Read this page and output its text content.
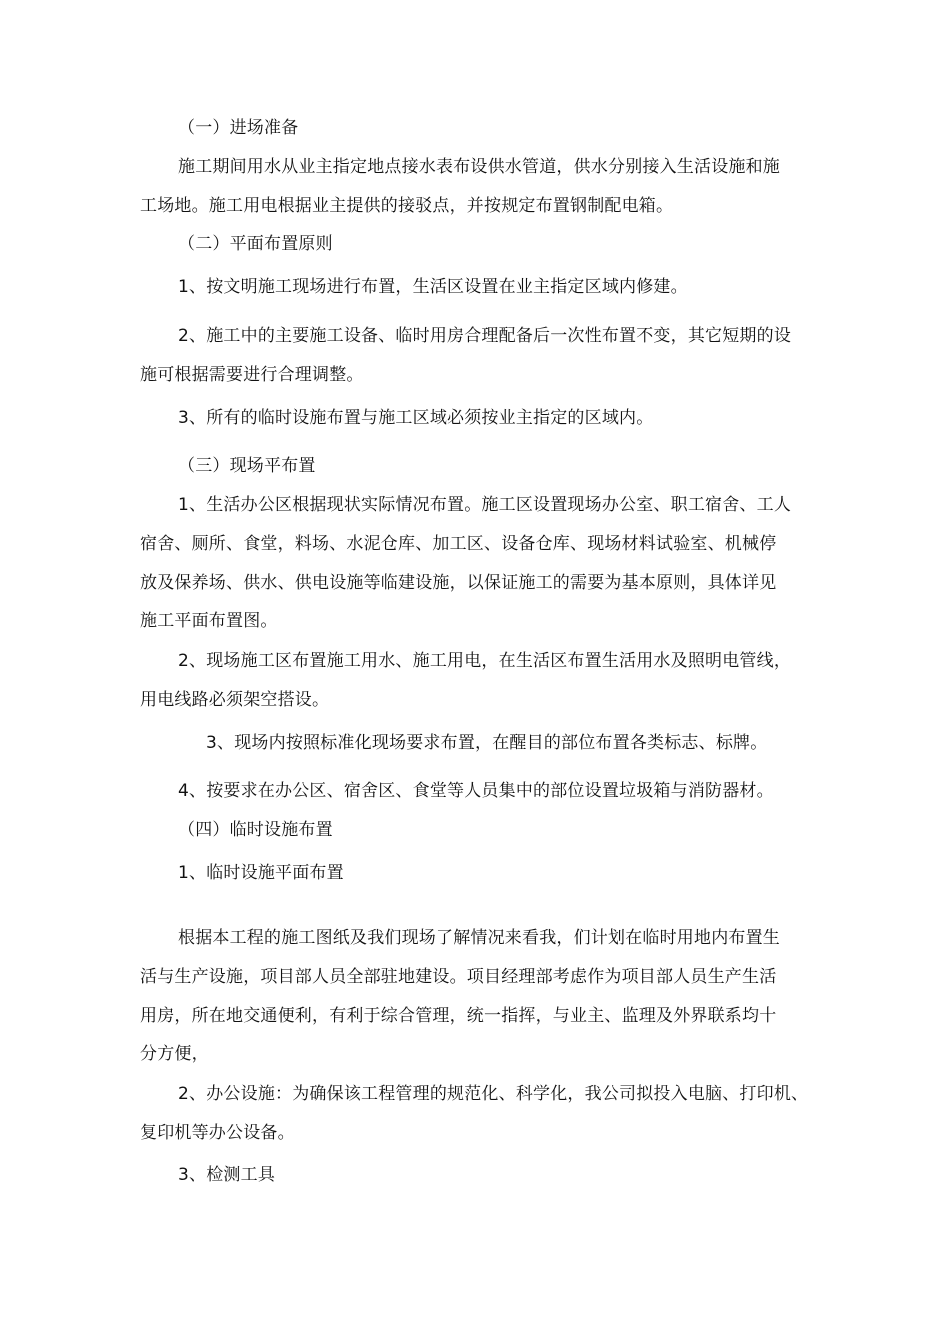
（一）进场准备
施工期间用水从业主指定地点接水表布设供水管道，供水分别接入生活设施和施
工场地。施工用电根据业主提供的接驳点，并按规定布置钢制配电箱。
（二）平面布置原则
1、按文明施工现场进行布置，生活区设置在业主指定区域内修建。
2、施工中的主要施工设备、临时用房合理配备后一次性布置不变，其它短期的设
施可根据需要进行合理调整。
3、所有的临时设施布置与施工区域必须按业主指定的区域内。
（三）现场平布置
1、生活办公区根据现状实际情况布置。施工区设置现场办公室、职工宿舍、工人
宿舍、厕所、食堂，料场、水泥仓库、加工区、设备仓库、现场材料试验室、机械停
放及保养场、供水、供电设施等临建设施，以保证施工的需要为基本原则，具体详见
施工平面布置图。
2、现场施工区布置施工用水、施工用电，在生活区布置生活用水及照明电管线，
用电线路必须架空搭设。
3、现场内按照标准化现场要求布置，在醒目的部位布置各类标志、标牌。
4、按要求在办公区、宿舍区、食堂等人员集中的部位设置垃圾箱与消防器材。
（四）临时设施布置
1、临时设施平面布置
根据本工程的施工图纸及我们现场了解情况来看我，们计划在临时用地内布置生
活与生产设施，项目部人员全部驻地建设。项目经理部考虑作为项目部人员生产生活
用房，所在地交通便利，有利于综合管理，统一指挥，与业主、监理及外界联系均十
分方便，
2、办公设施：为确保该工程管理的规范化、科学化，我公司拟投入电脑、打印机、
复印机等办公设备。
3、检测工具
